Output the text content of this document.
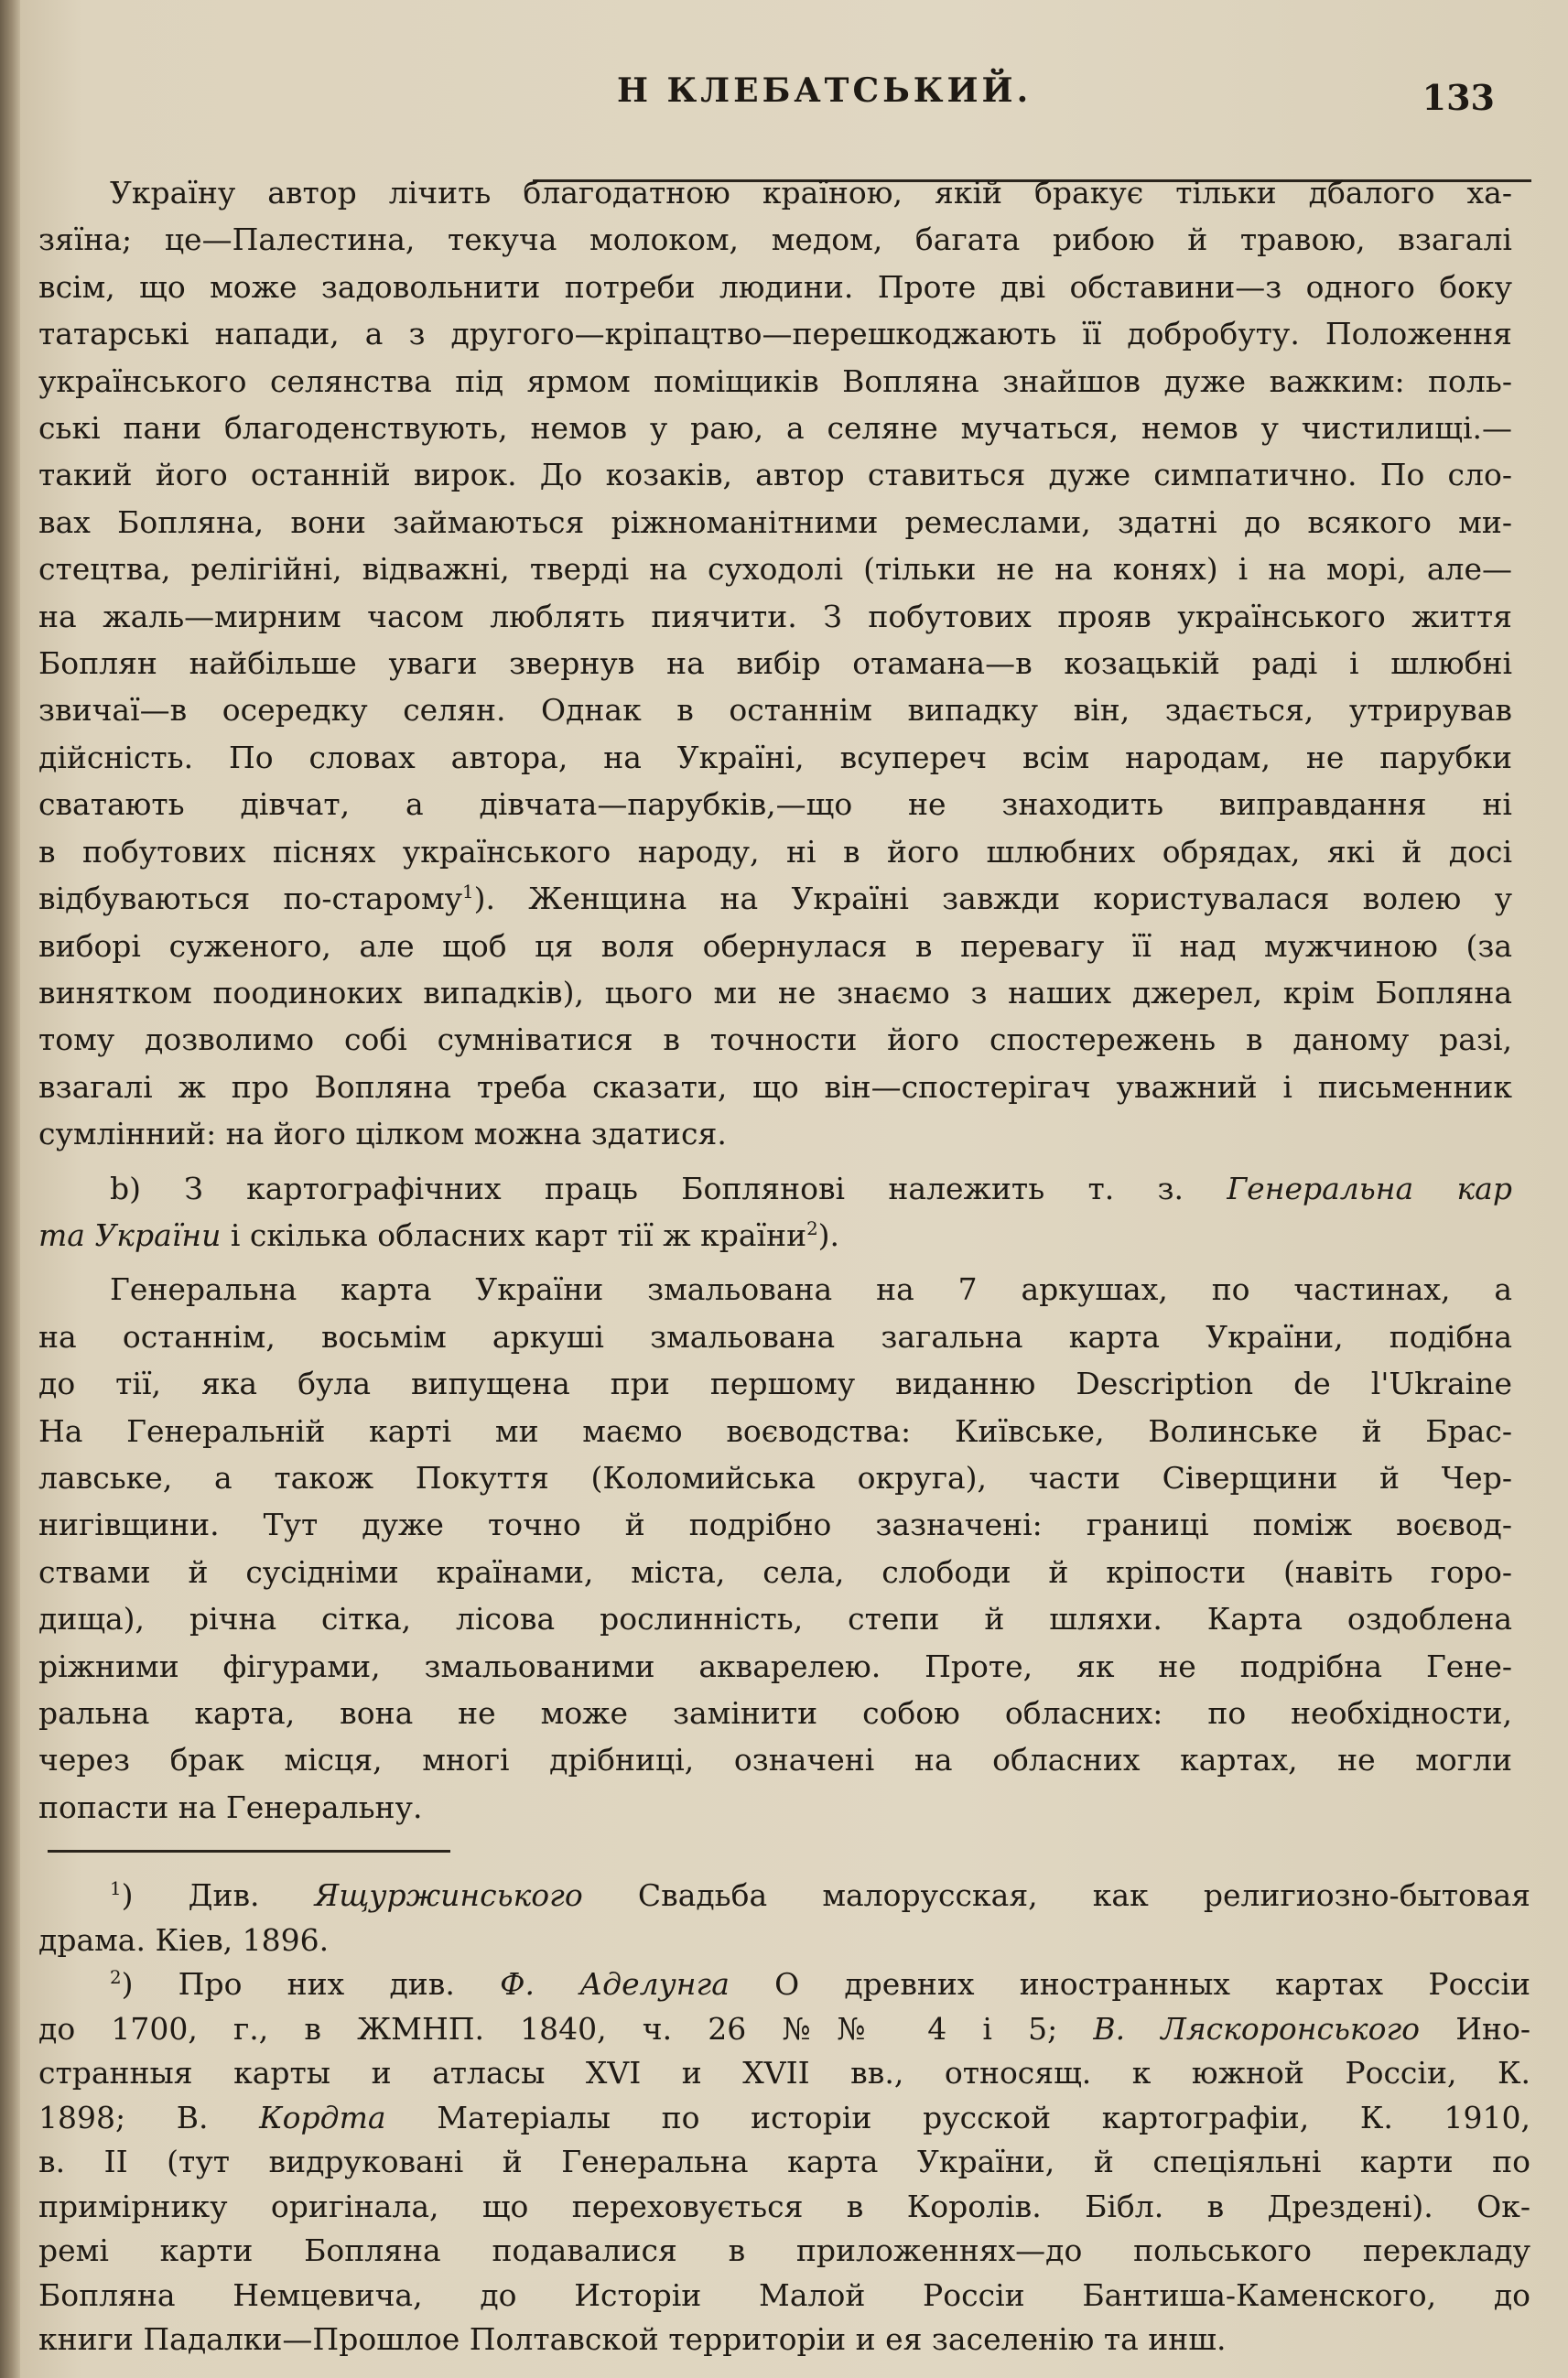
Н КЛЕБАТСЬКИЙ.	133
Україну автор лічить благодатною країною, якій бракує тільки дбалого ха-
зяїна; це—Палестина, текуча молоком, медом, багата рибою й травою, взагалі
всім, що може задовольнити потреби людини. Проте дві обставини—з одного боку
татарські напади, а з другого—кріпацтво—перешкоджають її добробуту. Положення
українського селянства під ярмом поміщиків Вопляна знайшов дуже важким: поль-
ські пани благоденствують, немов у раю, а селяне мучаться, немов у чистилищі.—
такий його останній вирок. До козаків, автор ставиться дуже симпатично. По сло-
вах Бопляна, вони займаються ріжноманітними ремеслами, здатні до всякого ми-
стецтва, релігійні, відважні, тверді на суходолі (тільки не на конях) і на морі, але—
на жаль—мирним часом люблять пиячити. З побутових прояв українського життя
Боплян найбільше уваги звернув на вибір отамана—в козацькій раді і шлюбні
звичаї—в осередку селян. Однак в останнім випадку він, здається, утрирував
дійсність. По словах автора, на Україні, всупереч всім народам, не парубки
сватають дівчат, а дівчата—парубків,—що не знаходить виправдання ні
в побутових піснях українського народу, ні в його шлюбних обрядах, які й досі
відбуваються по-старому$^1$). Женщина на Україні завжди користувалася волею у
виборі суженого, але щоб ця воля обернулася в перевагу її над мужчиною (за
винятком поодиноких випадків), цього ми не знаємо з наших джерел, крім Бопляна
тому дозволимо собі сумніватися в точности його спостережень в даному разі,
взагалі ж про Вопляна треба сказати, що він—спостерігач уважний і письменник
сумлінний: на його цілком можна здатися.
b) З картографічних праць Боплянові належить т. з. Генеральна кар
та України і скілька обласних карт тії ж країни$^2$).
Генеральна карта України змальована на 7 аркушах, по частинах, а
на останнім, восьмім аркуші змальована загальна карта України, подібна
до тії, яка була випущена при першому виданню Description de l'Ukraine
На Генеральній карті ми маємо воєводства: Київське, Волинське й Брас-
лавське, а також Покуття (Коломийська округа), части Сіверщини й Чер-
нигівщини. Тут дуже точно й подрібно зазначені: границі поміж воєвод-
ствами й сусідніми країнами, міста, села, слободи й кріпости (навіть горо-
дища), річна сітка, лісова рослинність, степи й шляхи. Карта оздоблена
ріжними фігурами, змальованими акварелею. Проте, як не подрібна Гене-
ральна карта, вона не може замінити собою обласних: по необхідности,
через брак місця, многі дрібниці, означені на обласних картах, не могли
попасти на Генеральну.
$^1$) Див. Ящуржинського Свадьба малорусская, как религиозно-бытовая
драма. Кіев, 1896.
$^2$) Про них див. Ф. Аделунга О древних иностранных картах Россіи
до 1700, г., в ЖМНП. 1840, ч. 26 №№ 4 і 5; В. Ляскоронського Ино-
странныя карты и атласы XVI и XVII вв., относящ. к южной Россіи, К.
1898; В. Кордта Матеріалы по исторіи русской картографіи, К. 1910,
в. II (тут видруковані й Генеральна карта України, й спеціяльні карти по
примірнику оригінала, що переховується в Королів. Бібл. в Дрездені). Ок-
ремі карти Бопляна подавалися в приложеннях—до польського перекладу
Бопляна Немцевича, до Исторіи Малой Россіи Бантиша-Каменского, до
книги Падалки—Прошлое Полтавской территоріи и ея заселенію та инш.
